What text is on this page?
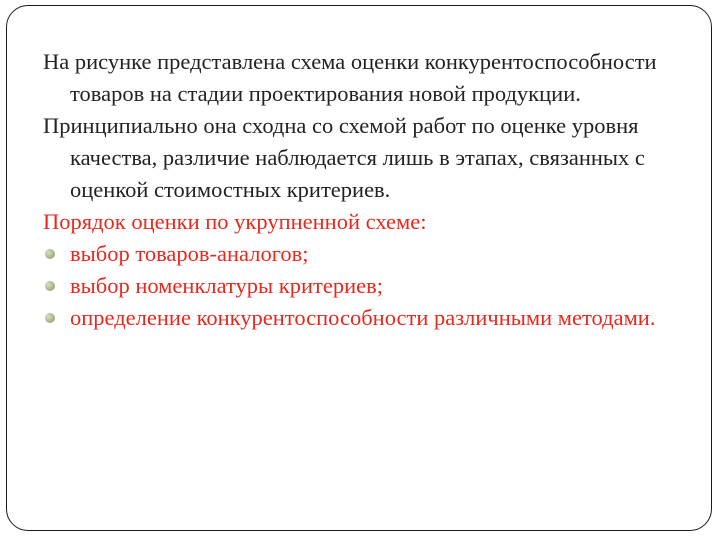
На рисунке представлена схема оценки конкурентоспособности товаров на стадии проектирования новой продукции.

Принципиально она сходна со схемой работ по оценке уровня качества, различие наблюдается лишь в этапах, связанных с оценкой стоимостных критериев.

Порядок оценки по укрупненной схеме:

выбор товаров-аналогов;
выбор номенклатуры критериев;
определение конкурентоспособности различными методами.
